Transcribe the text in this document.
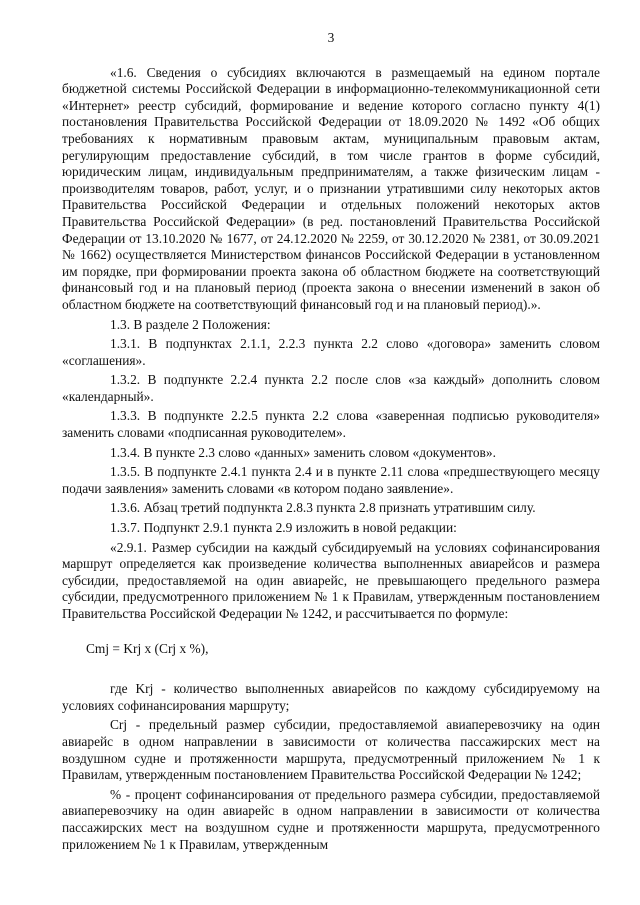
3

«1.6. Сведения о субсидиях включаются в размещаемый на едином портале бюджетной системы Российской Федерации в информационно-телекоммуникационной сети «Интернет» реестр субсидий, формирование и ведение которого согласно пункту 4(1) постановления Правительства Российской Федерации от 18.09.2020 № 1492 «Об общих требованиях к нормативным правовым актам, муниципальным правовым актам, регулирующим предоставление субсидий, в том числе грантов в форме субсидий, юридическим лицам, индивидуальным предпринимателям, а также физическим лицам - производителям товаров, работ, услуг, и о признании утратившими силу некоторых актов Правительства Российской Федерации и отдельных положений некоторых актов Правительства Российской Федерации» (в ред. постановлений Правительства Российской Федерации от 13.10.2020 № 1677, от 24.12.2020 № 2259, от 30.12.2020 № 2381, от 30.09.2021 № 1662) осуществляется Министерством финансов Российской Федерации в установленном им порядке, при формировании проекта закона об областном бюджете на соответствующий финансовый год и на плановый период (проекта закона о внесении изменений в закон об областном бюджете на соответствующий финансовый год и на плановый период).».

1.3. В разделе 2 Положения:

1.3.1. В подпунктах 2.1.1, 2.2.3 пункта 2.2 слово «договора» заменить словом «соглашения».

1.3.2. В подпункте 2.2.4 пункта 2.2 после слов «за каждый» дополнить словом «календарный».

1.3.3. В подпункте 2.2.5 пункта 2.2 слова «заверенная подписью руководителя» заменить словами «подписанная руководителем».

1.3.4. В пункте 2.3 слово «данных» заменить словом «документов».

1.3.5. В подпункте 2.4.1 пункта 2.4 и в пункте 2.11 слова «предшествующего месяцу подачи заявления» заменить словами «в котором подано заявление».

1.3.6. Абзац третий подпункта 2.8.3 пункта 2.8 признать утратившим силу.

1.3.7. Подпункт 2.9.1 пункта 2.9 изложить в новой редакции:

«2.9.1. Размер субсидии на каждый субсидируемый на условиях софинансирования маршрут определяется как произведение количества выполненных авиарейсов и размера субсидии, предоставляемой на один авиарейс, не превышающего предельного размера субсидии, предусмотренного приложением № 1 к Правилам, утвержденным постановлением Правительства Российской Федерации № 1242, и рассчитывается по формуле:

Cmj = Krj x (Crj x %),

где Krj - количество выполненных авиарейсов по каждому субсидируемому на условиях софинансирования маршруту;

Crj - предельный размер субсидии, предоставляемой авиаперевозчику на один авиарейс в одном направлении в зависимости от количества пассажирских мест на воздушном судне и протяженности маршрута, предусмотренный приложением № 1 к Правилам, утвержденным постановлением Правительства Российской Федерации № 1242;

% - процент софинансирования от предельного размера субсидии, предоставляемой авиаперевозчику на один авиарейс в одном направлении в зависимости от количества пассажирских мест на воздушном судне и протяженности маршрута, предусмотренного приложением № 1 к Правилам, утвержденным
